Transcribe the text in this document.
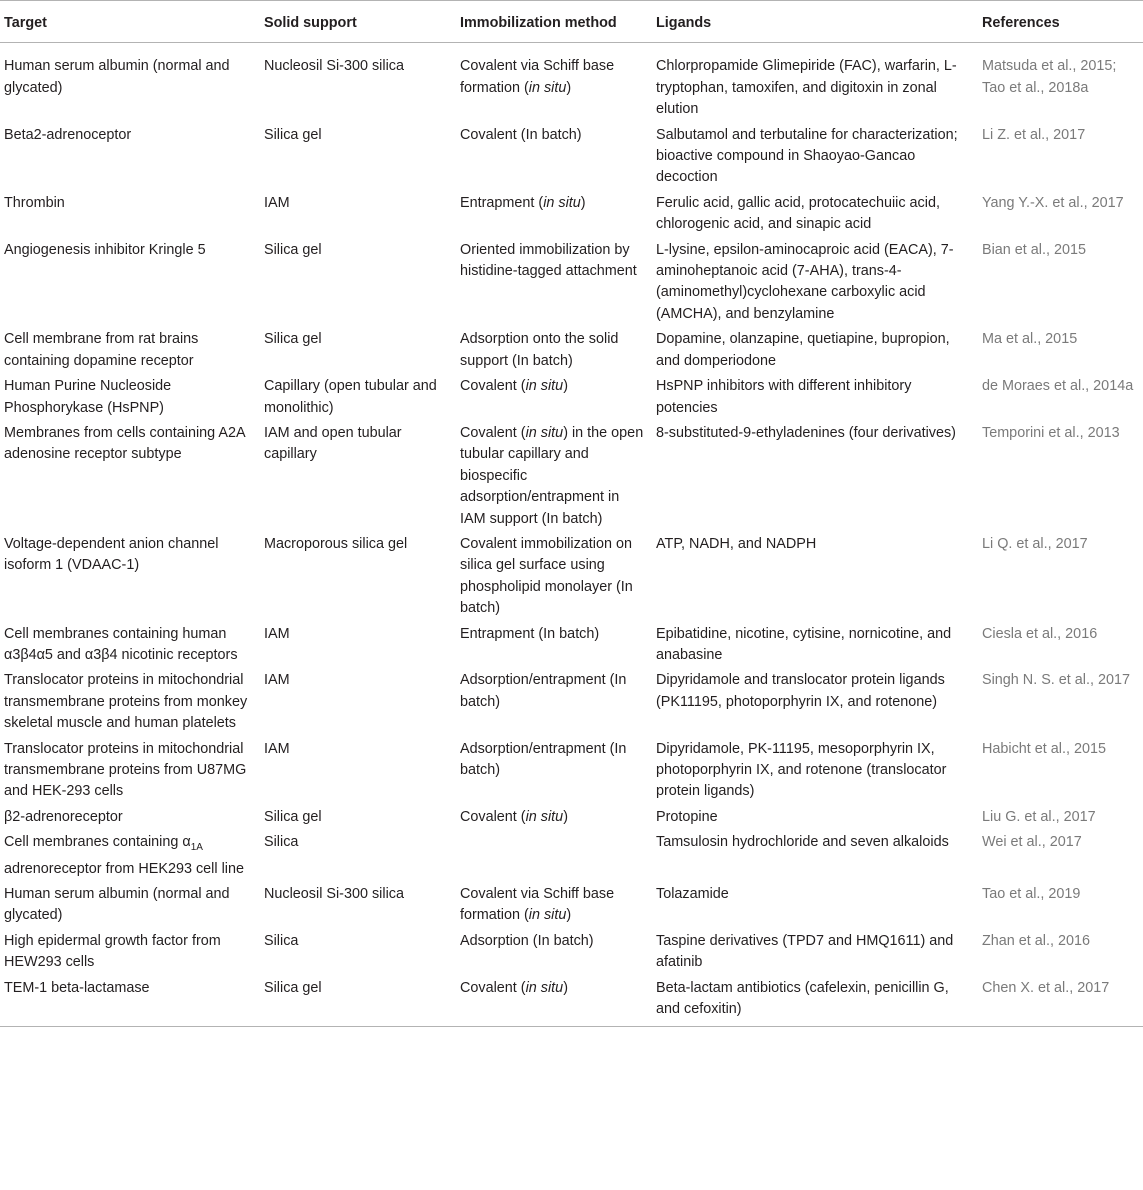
Target	Solid support	Immobilization method	Ligands	References
Human serum albumin (normal and glycated)	Nucleosil Si-300 silica	Covalent via Schiff base formation (in situ)	Chlorpropamide Glimepiride (FAC), warfarin, L-tryptophan, tamoxifen, and digitoxin in zonal elution	Matsuda et al., 2015; Tao et al., 2018a
Beta2-adrenoceptor	Silica gel	Covalent (In batch)	Salbutamol and terbutaline for characterization; bioactive compound in Shaoyao-Gancao decoction	Li Z. et al., 2017
Thrombin	IAM	Entrapment (in situ)	Ferulic acid, gallic acid, protocatechuiic acid, chlorogenic acid, and sinapic acid	Yang Y.-X. et al., 2017
Angiogenesis inhibitor Kringle 5	Silica gel	Oriented immobilization by histidine-tagged attachment	L-lysine, epsilon-aminocaproic acid (EACA), 7-aminoheptanoic acid (7-AHA), trans-4-(aminomethyl)cyclohexane carboxylic acid (AMCHA), and benzylamine	Bian et al., 2015
Cell membrane from rat brains containing dopamine receptor	Silica gel	Adsorption onto the solid support (In batch)	Dopamine, olanzapine, quetiapine, bupropion, and domperiodone	Ma et al., 2015
Human Purine Nucleoside Phosphorykase (HsPNP)	Capillary (open tubular and monolithic)	Covalent (in situ)	HsPNP inhibitors with different inhibitory potencies	de Moraes et al., 2014a
Membranes from cells containing A2A adenosine receptor subtype	IAM and open tubular capillary	Covalent (in situ) in the open tubular capillary and biospecific adsorption/entrapment in IAM support (In batch)	8-substituted-9-ethyladenines (four derivatives)	Temporini et al., 2013
Voltage-dependent anion channel isoform 1 (VDAAC-1)	Macroporous silica gel	Covalent immobilization on silica gel surface using phospholipid monolayer (In batch)	ATP, NADH, and NADPH	Li Q. et al., 2017
Cell membranes containing human α3β4α5 and α3β4 nicotinic receptors	IAM	Entrapment (In batch)	Epibatidine, nicotine, cytisine, nornicotine, and anabasine	Ciesla et al., 2016
Translocator proteins in mitochondrial transmembrane proteins from monkey skeletal muscle and human platelets	IAM	Adsorption/entrapment (In batch)	Dipyridamole and translocator protein ligands (PK11195, photoporphyrin IX, and rotenone)	Singh N. S. et al., 2017
Translocator proteins in mitochondrial transmembrane proteins from U87MG and HEK-293 cells	IAM	Adsorption/entrapment (In batch)	Dipyridamole, PK-11195, mesoporphyrin IX, photoporphyrin IX, and rotenone (translocator protein ligands)	Habicht et al., 2015
β2-adrenoreceptor	Silica gel	Covalent (in situ)	Protopine	Liu G. et al., 2017
Cell membranes containing $\alpha_{1A}$ adrenoreceptor from HEK293 cell line	Silica		Tamsulosin hydrochloride and seven alkaloids	Wei et al., 2017
Human serum albumin (normal and glycated)	Nucleosil Si-300 silica	Covalent via Schiff base formation (in situ)	Tolazamide	Tao et al., 2019
High epidermal growth factor from HEW293 cells	Silica	Adsorption (In batch)	Taspine derivatives (TPD7 and HMQ1611) and afatinib	Zhan et al., 2016
TEM-1 beta-lactamase	Silica gel	Covalent (in situ)	Beta-lactam antibiotics (cafelexin, penicillin G, and cefoxitin)	Chen X. et al., 2017
